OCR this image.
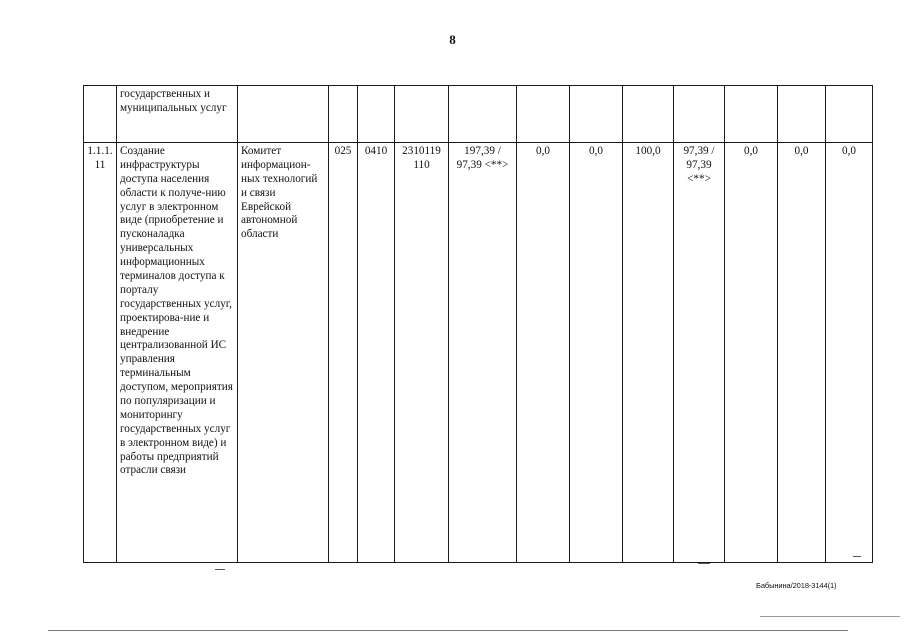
8
	государственных и муниципальных услуг												
1.1.1. 11	Создание инфраструктуры доступа населения области к получе-нию услуг в электронном виде (приобретение и пусконаладка универсальных информационных терминалов доступа к порталу государственных услуг, проектирова-ние и внедрение централизованной ИС управления терминальным доступом, мероприятия по популяризации и мониторингу государственных услуг в электронном виде) и работы предприятий отрасли связи	Комитет информацион-ных технологий и связи Еврейской автономной области	025	0410	2310119 110	197,39 / 97,39 <**>	0,0	0,0	100,0	97,39 / 97,39 <**>	0,0	0,0	0,0
Бабынина/2018-3144(1)
